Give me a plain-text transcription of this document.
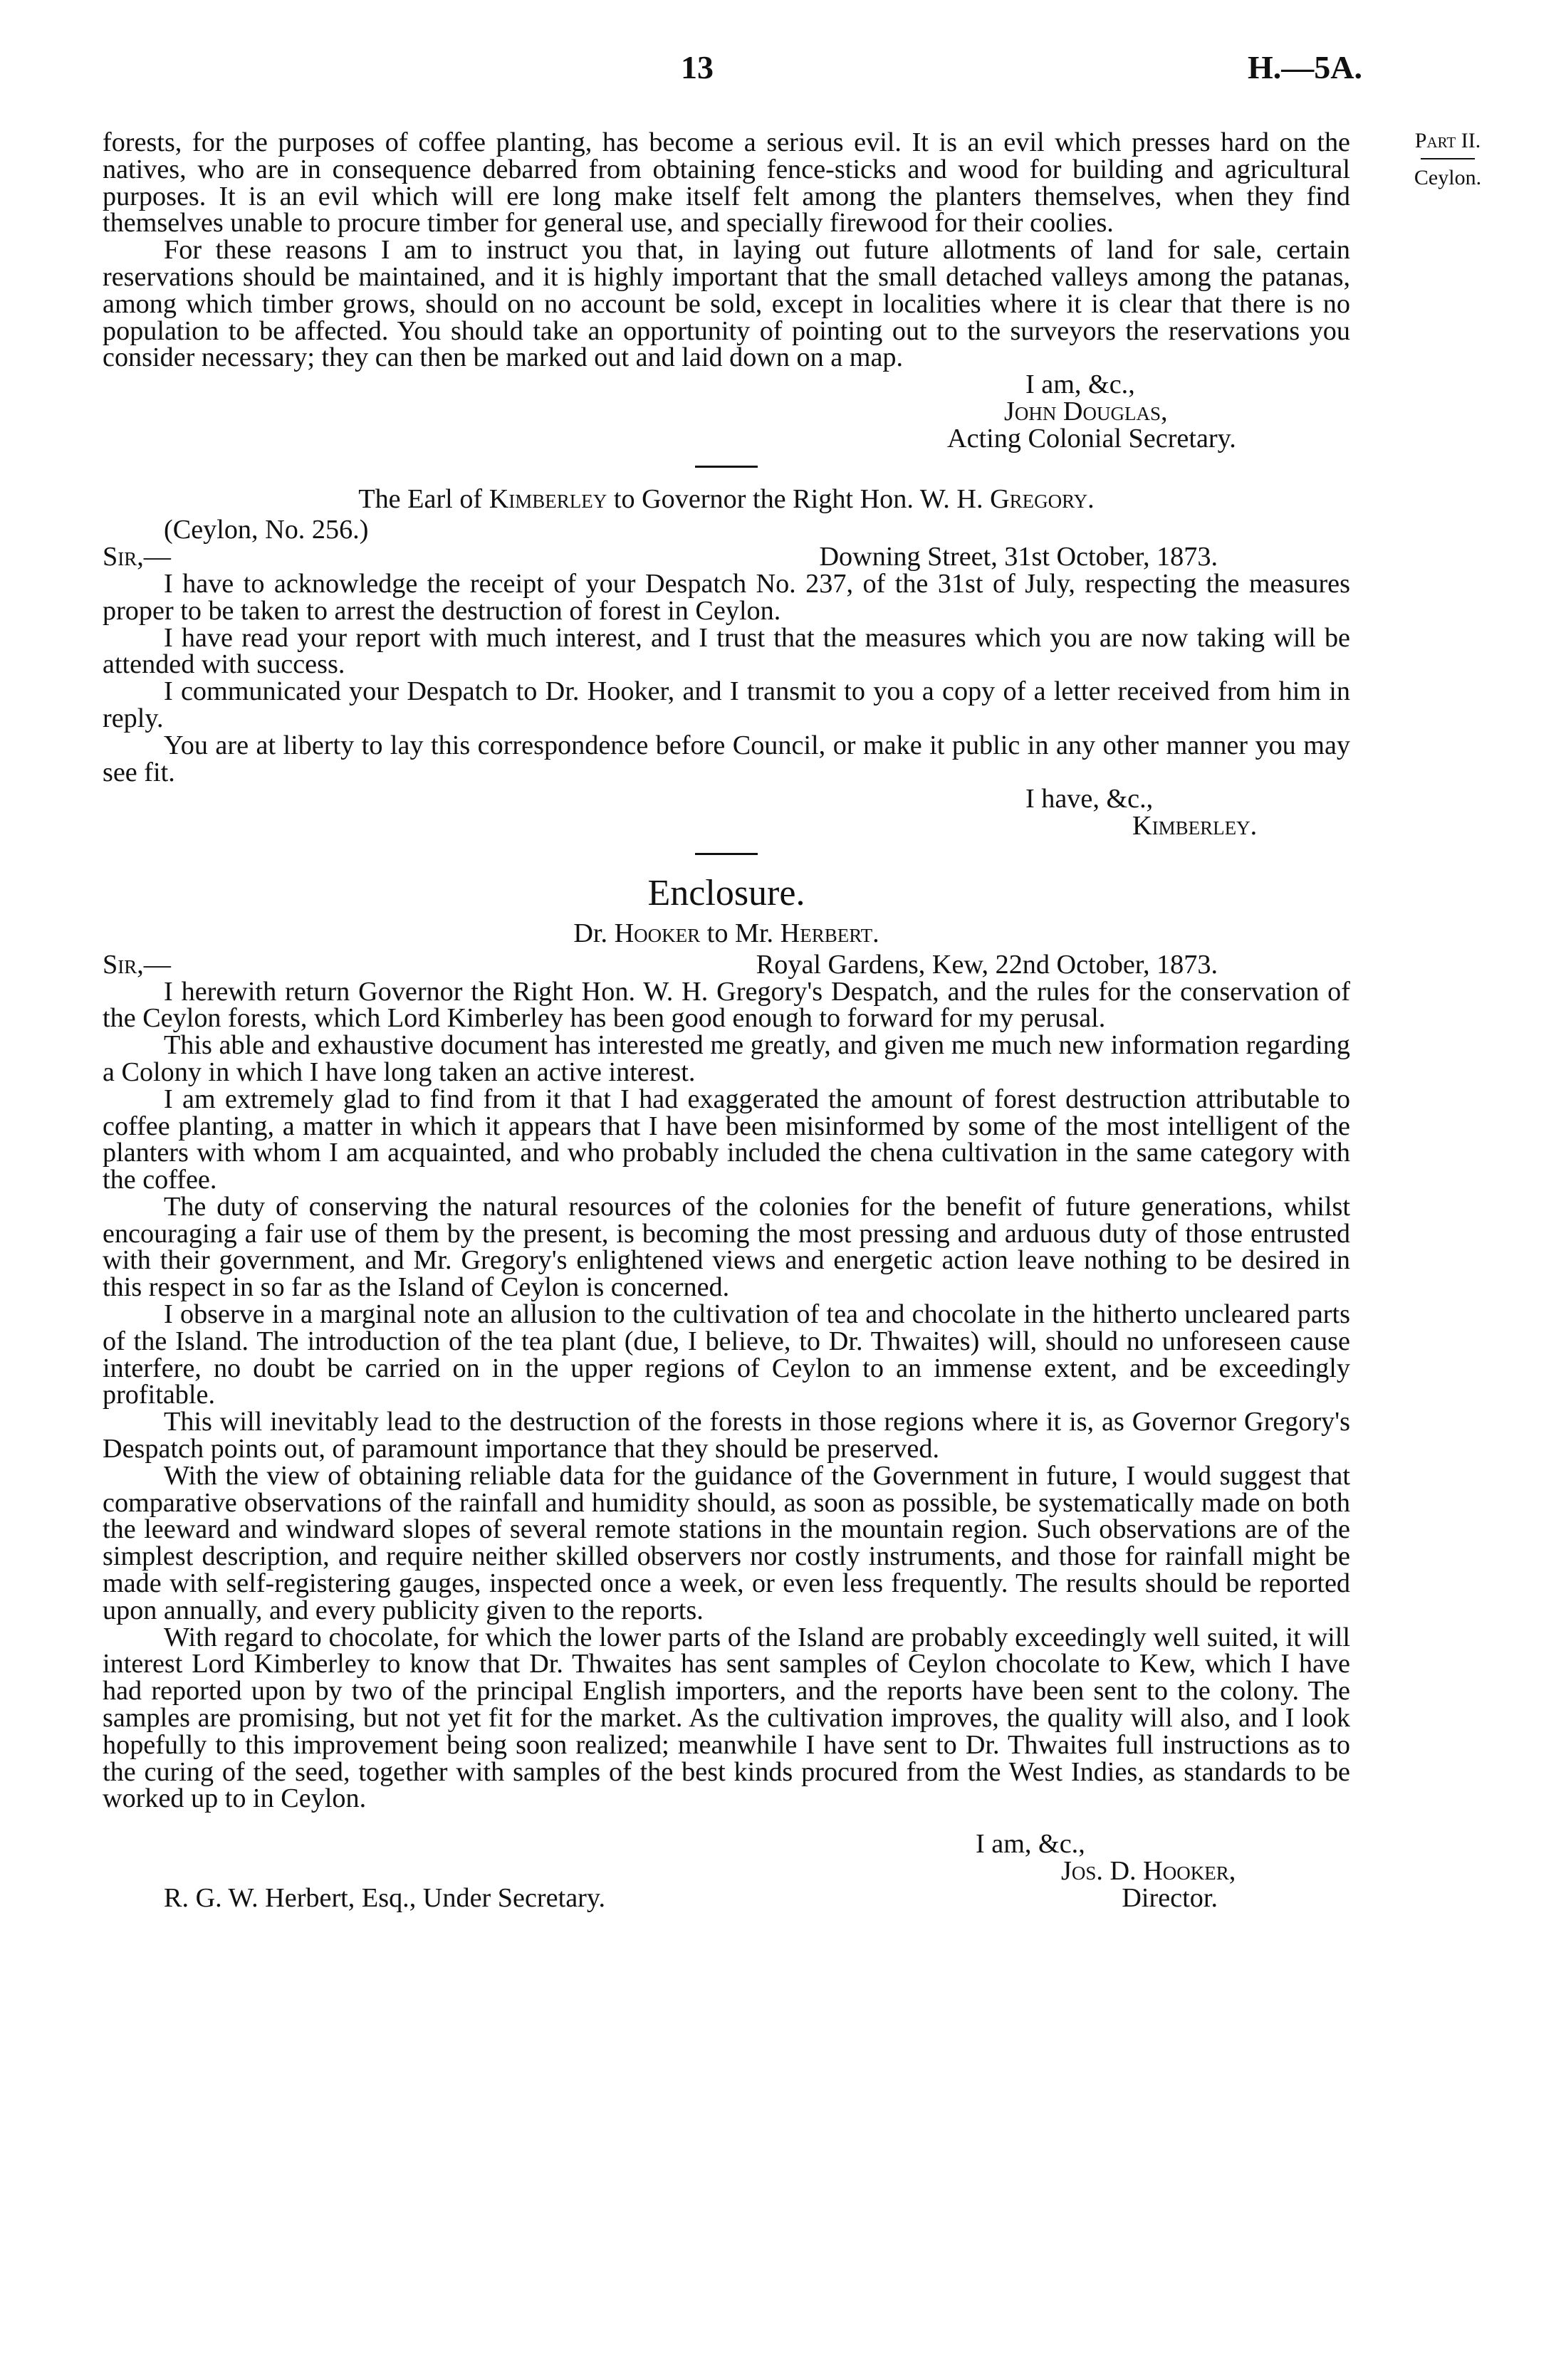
13	H.—5A.
Part II.
Ceylon.

forests, for the purposes of coffee planting, has become a serious evil. It is an evil which presses hard on the natives, who are in consequence debarred from obtaining fence-sticks and wood for building and agricultural purposes. It is an evil which will ere long make itself felt among the planters themselves, when they find themselves unable to procure timber for general use, and specially firewood for their coolies.

For these reasons I am to instruct you that, in laying out future allotments of land for sale, certain reservations should be maintained, and it is highly important that the small detached valleys among the patanas, among which timber grows, should on no account be sold, except in localities where it is clear that there is no population to be affected. You should take an opportunity of pointing out to the surveyors the reservations you consider necessary; they can then be marked out and laid down on a map.

I am, &c.,
John Douglas,
Acting Colonial Secretary.
The Earl of Kimberley to Governor the Right Hon. W. H. Gregory.
(Ceylon, No. 256.)
Sir,—	Downing Street, 31st October, 1873.

I have to acknowledge the receipt of your Despatch No. 237, of the 31st of July, respecting the measures proper to be taken to arrest the destruction of forest in Ceylon.

I have read your report with much interest, and I trust that the measures which you are now taking will be attended with success.

I communicated your Despatch to Dr. Hooker, and I transmit to you a copy of a letter received from him in reply.

You are at liberty to lay this correspondence before Council, or make it public in any other manner you may see fit.

I have, &c.,
Kimberley.
Enclosure.
Dr. Hooker to Mr. Herbert.
Sir,—	Royal Gardens, Kew, 22nd October, 1873.

I herewith return Governor the Right Hon. W. H. Gregory's Despatch, and the rules for the conservation of the Ceylon forests, which Lord Kimberley has been good enough to forward for my perusal.

This able and exhaustive document has interested me greatly, and given me much new information regarding a Colony in which I have long taken an active interest.

I am extremely glad to find from it that I had exaggerated the amount of forest destruction attributable to coffee planting, a matter in which it appears that I have been misinformed by some of the most intelligent of the planters with whom I am acquainted, and who probably included the chena cultivation in the same category with the coffee.

The duty of conserving the natural resources of the colonies for the benefit of future generations, whilst encouraging a fair use of them by the present, is becoming the most pressing and arduous duty of those entrusted with their government, and Mr. Gregory's enlightened views and energetic action leave nothing to be desired in this respect in so far as the Island of Ceylon is concerned.

I observe in a marginal note an allusion to the cultivation of tea and chocolate in the hitherto uncleared parts of the Island. The introduction of the tea plant (due, I believe, to Dr. Thwaites) will, should no unforeseen cause interfere, no doubt be carried on in the upper regions of Ceylon to an immense extent, and be exceedingly profitable.

This will inevitably lead to the destruction of the forests in those regions where it is, as Governor Gregory's Despatch points out, of paramount importance that they should be preserved.

With the view of obtaining reliable data for the guidance of the Government in future, I would suggest that comparative observations of the rainfall and humidity should, as soon as possible, be systematically made on both the leeward and windward slopes of several remote stations in the mountain region. Such observations are of the simplest description, and require neither skilled observers nor costly instruments, and those for rainfall might be made with self-registering gauges, inspected once a week, or even less frequently. The results should be reported upon annually, and every publicity given to the reports.

With regard to chocolate, for which the lower parts of the Island are probably exceedingly well suited, it will interest Lord Kimberley to know that Dr. Thwaites has sent samples of Ceylon chocolate to Kew, which I have had reported upon by two of the principal English importers, and the reports have been sent to the colony. The samples are promising, but not yet fit for the market. As the cultivation improves, the quality will also, and I look hopefully to this improvement being soon realized; meanwhile I have sent to Dr. Thwaites full instructions as to the curing of the seed, together with samples of the best kinds procured from the West Indies, as standards to be worked up to in Ceylon.

I am, &c.,
Jos. D. Hooker,
R. G. W. Herbert, Esq., Under Secretary.	Director.
